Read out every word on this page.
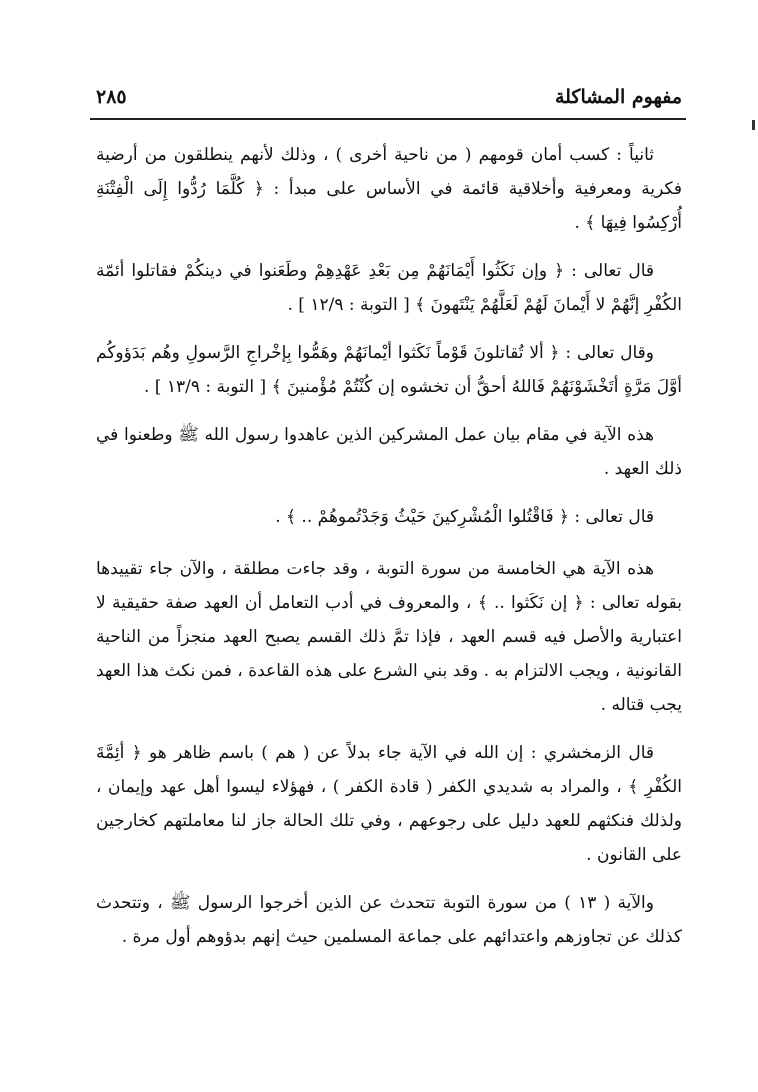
مفهوم المشاكلة
٢٨٥

ثانياً : كسب أمان قومهم ( من ناحية أخرى ) ، وذلك لأنهم ينطلقون من أرضية فكرية ومعرفية وأخلاقية قائمة في الأساس على مبدأ : ﴿ كُلَّمَا رُدُّوا إِلَى الْفِتْنَةِ أُرْكِسُوا فِيهَا ﴾ .

قال تعالى : ﴿ وإن نَكَثُوا أَيْمَانَهُمْ مِن بَعْدِ عَهْدِهِمْ وطَعَنوا في دينكُمْ فقاتلوا أئمّة الكُفْرِ إنَّهُمْ لا أَيْمانَ لَهُمْ لَعَلَّهُمْ يَنْتَهونَ ﴾ [ التوبة : ١٢/٩ ] .

وقال تعالى : ﴿ ألا تُقاتلونَ قَوْماً نَكَثوا أيْمانَهُمْ وهَمُّوا بِإخْراجِ الرَّسولِ وهُم بَدَؤوكُم أوَّلَ مَرَّةٍ أتَخْشَوْنَهُمْ فَاللهُ أحقُّ أن تخشوه إن كُنْتُمْ مُؤْمنينَ ﴾ [ التوبة : ١٣/٩ ] .

هذه الآية في مقام بيان عمل المشركين الذين عاهدوا رسول الله ﷺ وطعنوا في ذلك العهد .

قال تعالى : ﴿ فَاقْتُلوا الْمُشْرِكينَ حَيْثُ وَجَدْتُموهُمْ .. ﴾ .

هذه الآية هي الخامسة من سورة التوبة ، وقد جاءت مطلقة ، والآن جاء تقييدها بقوله تعالى : ﴿ إن نَكَثوا .. ﴾ ، والمعروف في أدب التعامل أن العهد صفة حقيقية لا اعتبارية والأصل فيه قسم العهد ، فإذا تمَّ ذلك القسم يصبح العهد منجزاً من الناحية القانونية ، ويجب الالتزام به . وقد بني الشرع على هذه القاعدة ، فمن نكث هذا العهد يجب قتاله .

قال الزمخشري : إن الله في الآية جاء بدلاً عن ( هم ) باسم ظاهر هو ﴿ أئِمَّةَ الكُفْرِ ﴾ ، والمراد به شديدي الكفر ( قادة الكفر ) ، فهؤلاء ليسوا أهل عهد وإيمان ، ولذلك فنكثهم للعهد دليل على رجوعهم ، وفي تلك الحالة جاز لنا معاملتهم كخارجين على القانون .

والآية ( ١٣ ) من سورة التوبة تتحدث عن الذين أخرجوا الرسول ﷺ ، وتتحدث كذلك عن تجاوزهم واعتدائهم على جماعة المسلمين حيث إنهم بدؤوهم أول مرة .
